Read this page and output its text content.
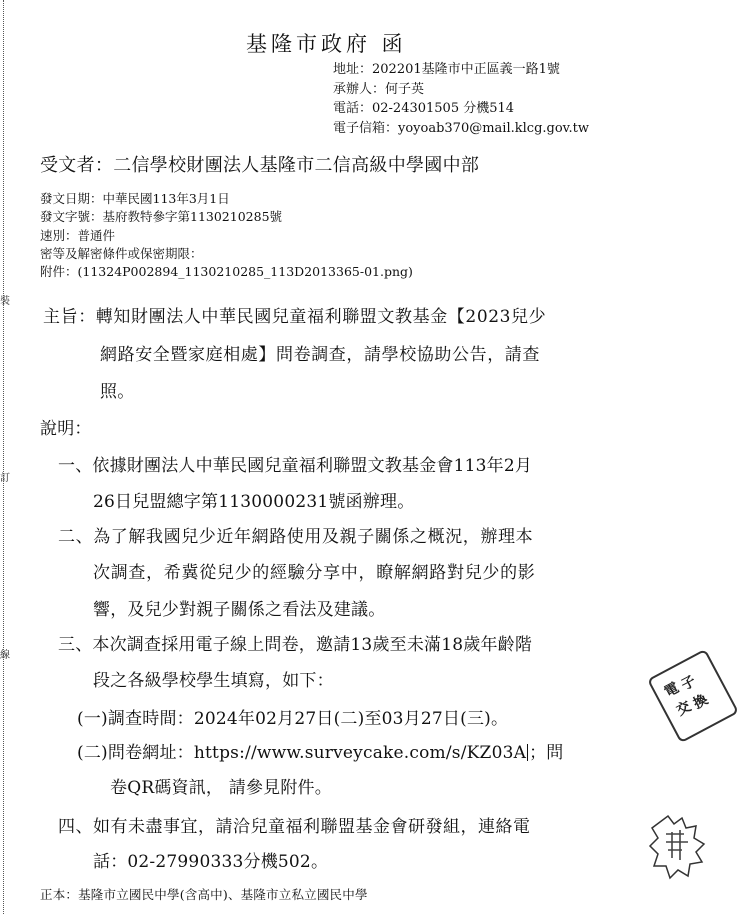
裝
訂
線
基隆市政府 函
地址：202201基隆市中正區義一路1號
承辦人：何子英
電話：02-24301505 分機514
電子信箱：yoyoab370@mail.klcg.gov.tw
受文者：二信學校財團法人基隆市二信高級中學國中部
發文日期：中華民國113年3月1日
發文字號：基府教特參字第1130210285號
速別：普通件
密等及解密條件或保密期限：
附件：(11324P002894_1130210285_113D2013365-01.png)
主旨：轉知財團法人中華民國兒童福利聯盟文教基金【2023兒少
網路安全暨家庭相處】問卷調查，請學校協助公告，請查
照。
說明：
一、依據財團法人中華民國兒童福利聯盟文教基金會113年2月
26日兒盟總字第1130000231號函辦理。
二、為了解我國兒少近年網路使用及親子關係之概況，辦理本
次調查，希冀從兒少的經驗分享中，瞭解網路對兒少的影
響，及兒少對親子關係之看法及建議。
三、本次調查採用電子線上問卷，邀請13歲至未滿18歲年齡階
段之各級學校學生填寫，如下：
(一)調查時間：2024年02月27日(二)至03月27日(三)。
(二)問卷網址：https://www.surveycake.com/s/KZ03A ；問
卷QR碼資訊， 請參見附件。
四、如有未盡事宜，請洽兒童福利聯盟基金會研發組，連絡電
話：02-27990333分機502。
正本：基隆市立國民中學(含高中)、基隆市立私立國民中學
電
子
交
換
